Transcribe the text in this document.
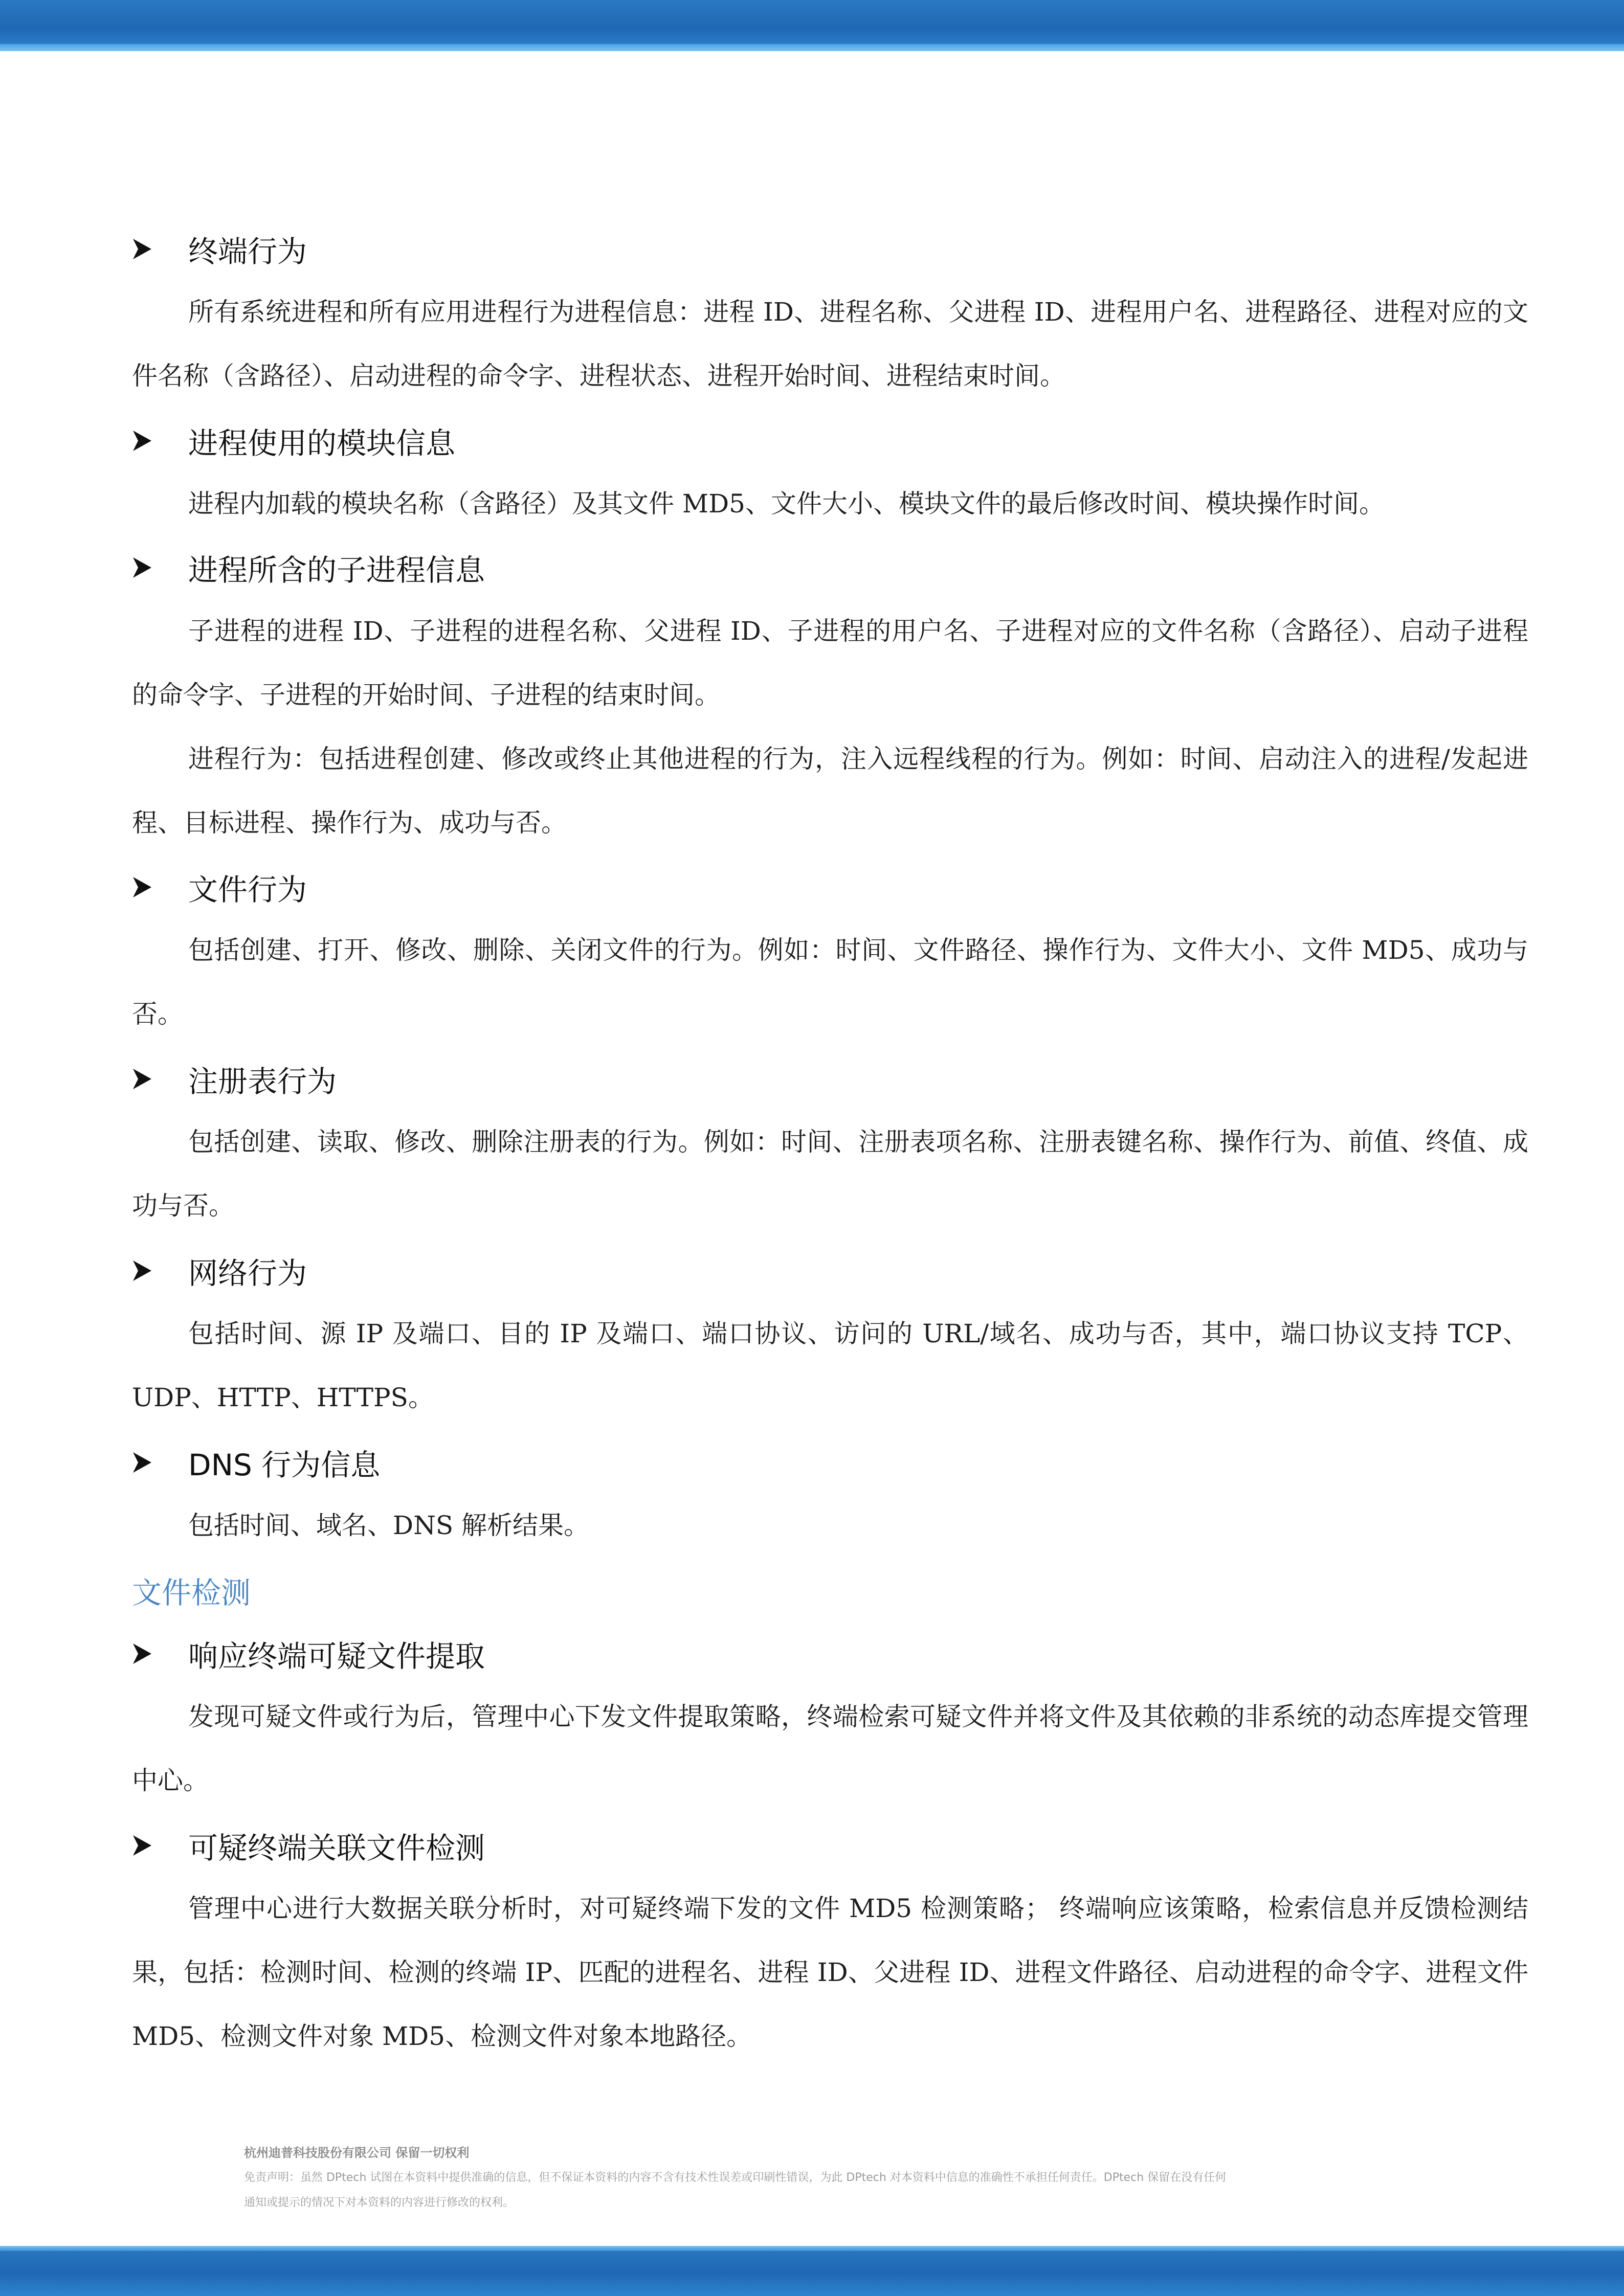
终端行为

所有系统进程和所有应用进程行为进程信息：进程 ID、进程名称、父进程 ID、进程用户名、进程路径、进程对应的文件名称（含路径）、启动进程的命令字、进程状态、进程开始时间、进程结束时间。

进程使用的模块信息

进程内加载的模块名称（含路径）及其文件 MD5、文件大小、模块文件的最后修改时间、模块操作时间。

进程所含的子进程信息

子进程的进程 ID、子进程的进程名称、父进程 ID、子进程的用户名、子进程对应的文件名称（含路径）、启动子进程的命令字、子进程的开始时间、子进程的结束时间。

进程行为：包括进程创建、修改或终止其他进程的行为，注入远程线程的行为。例如：时间、启动注入的进程/发起进程、目标进程、操作行为、成功与否。

文件行为

包括创建、打开、修改、删除、关闭文件的行为。例如：时间、文件路径、操作行为、文件大小、文件 MD5、成功与否。

注册表行为

包括创建、读取、修改、删除注册表的行为。例如：时间、注册表项名称、注册表键名称、操作行为、前值、终值、成功与否。

网络行为

包括时间、源 IP 及端口、目的 IP 及端口、端口协议、访问的 URL/域名、成功与否，其中，端口协议支持 TCP、UDP、HTTP、HTTPS。

DNS 行为信息

包括时间、域名、DNS 解析结果。

文件检测
响应终端可疑文件提取

发现可疑文件或行为后，管理中心下发文件提取策略，终端检索可疑文件并将文件及其依赖的非系统的动态库提交管理中心。

可疑终端关联文件检测

管理中心进行大数据关联分析时，对可疑终端下发的文件 MD5 检测策略； 终端响应该策略，检索信息并反馈检测结果，包括：检测时间、检测的终端 IP、匹配的进程名、进程 ID、父进程 ID、进程文件路径、启动进程的命令字、进程文件 MD5、检测文件对象 MD5、检测文件对象本地路径。

杭州迪普科技股份有限公司 保留一切权利
免责声明：虽然 DPtech 试图在本资料中提供准确的信息，但不保证本资料的内容不含有技术性误差或印刷性错误，为此 DPtech 对本资料中信息的准确性不承担任何责任。DPtech 保留在没有任何
通知或提示的情况下对本资料的内容进行修改的权利。
